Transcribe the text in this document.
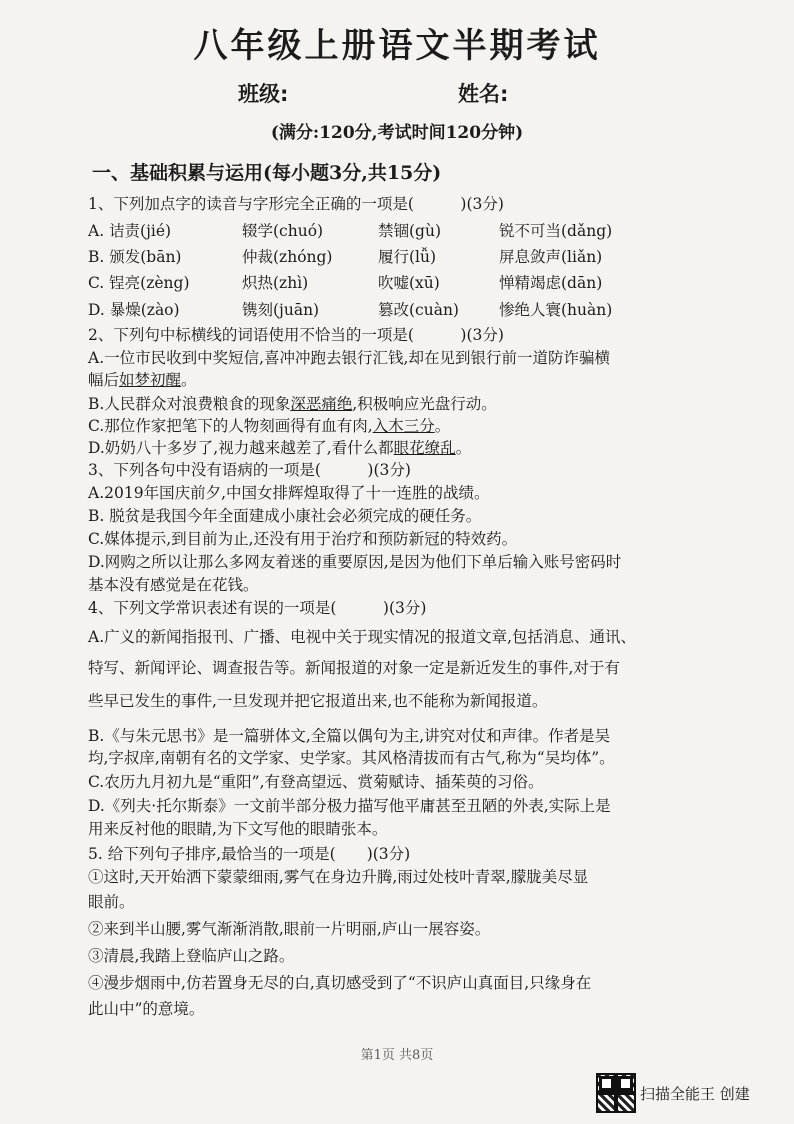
八年级上册语文半期考试
班级:	姓名:
(满分:120分,考试时间120分钟)
一、基础积累与运用(每小题3分,共15分)
1、下列加点字的读音与字形完全正确的一项是(　　　)(3分)
A. 诘责(jié)	辍学(chuó)	禁锢(gù)	锐不可当(dǎng)
B. 颁发(bān)	仲裁(zhóng)	履行(lǚ)	屏息敛声(liǎn)
C. 锃亮(zèng)	炽热(zhì)	吹嘘(xū)	惮精竭虑(dān)
D. 暴燥(zào)	镌刻(juān)	篡改(cuàn)	惨绝人寰(huàn)
2、下列句中标横线的词语使用不恰当的一项是(　　　)(3分)
A.一位市民收到中奖短信,喜冲冲跑去银行汇钱,却在见到银行前一道防诈骗横
幅后如梦初醒。
B.人民群众对浪费粮食的现象深恶痛绝,积极响应光盘行动。
C.那位作家把笔下的人物刻画得有血有肉,入木三分。
D.奶奶八十多岁了,视力越来越差了,看什么都眼花缭乱。
3、下列各句中没有语病的一项是(　　　)(3分)
A.2019年国庆前夕,中国女排辉煌取得了十一连胜的战绩。
B. 脱贫是我国今年全面建成小康社会必须完成的硬任务。
C.媒体提示,到目前为止,还没有用于治疗和预防新冠的特效药。
D.网购之所以让那么多网友着迷的重要原因,是因为他们下单后输入账号密码时
基本没有感觉是在花钱。
4、下列文学常识表述有误的一项是(　　　)(3分)
A.广义的新闻指报刊、广播、电视中关于现实情况的报道文章,包括消息、通讯、
特写、新闻评论、调查报告等。新闻报道的对象一定是新近发生的事件,对于有
些早已发生的事件,一旦发现并把它报道出来,也不能称为新闻报道。
B.《与朱元思书》是一篇骈体文,全篇以偶句为主,讲究对仗和声律。作者是吴
均,字叔庠,南朝有名的文学家、史学家。其风格清拔而有古气,称为“吴均体”。
C.农历九月初九是“重阳”,有登高望远、赏菊赋诗、插茱萸的习俗。
D.《列夫·托尔斯泰》一文前半部分极力描写他平庸甚至丑陋的外表,实际上是
用来反衬他的眼睛,为下文写他的眼睛张本。
5. 给下列句子排序,最恰当的一项是(　　)(3分)
①这时,天开始洒下蒙蒙细雨,雾气在身边升腾,雨过处枝叶青翠,朦胧美尽显
眼前。
②来到半山腰,雾气渐渐消散,眼前一片明丽,庐山一展容姿。
③清晨,我踏上登临庐山之路。
④漫步烟雨中,仿若置身无尽的白,真切感受到了“不识庐山真面目,只缘身在
此山中”的意境。
第1页 共8页
扫描全能王 创建
